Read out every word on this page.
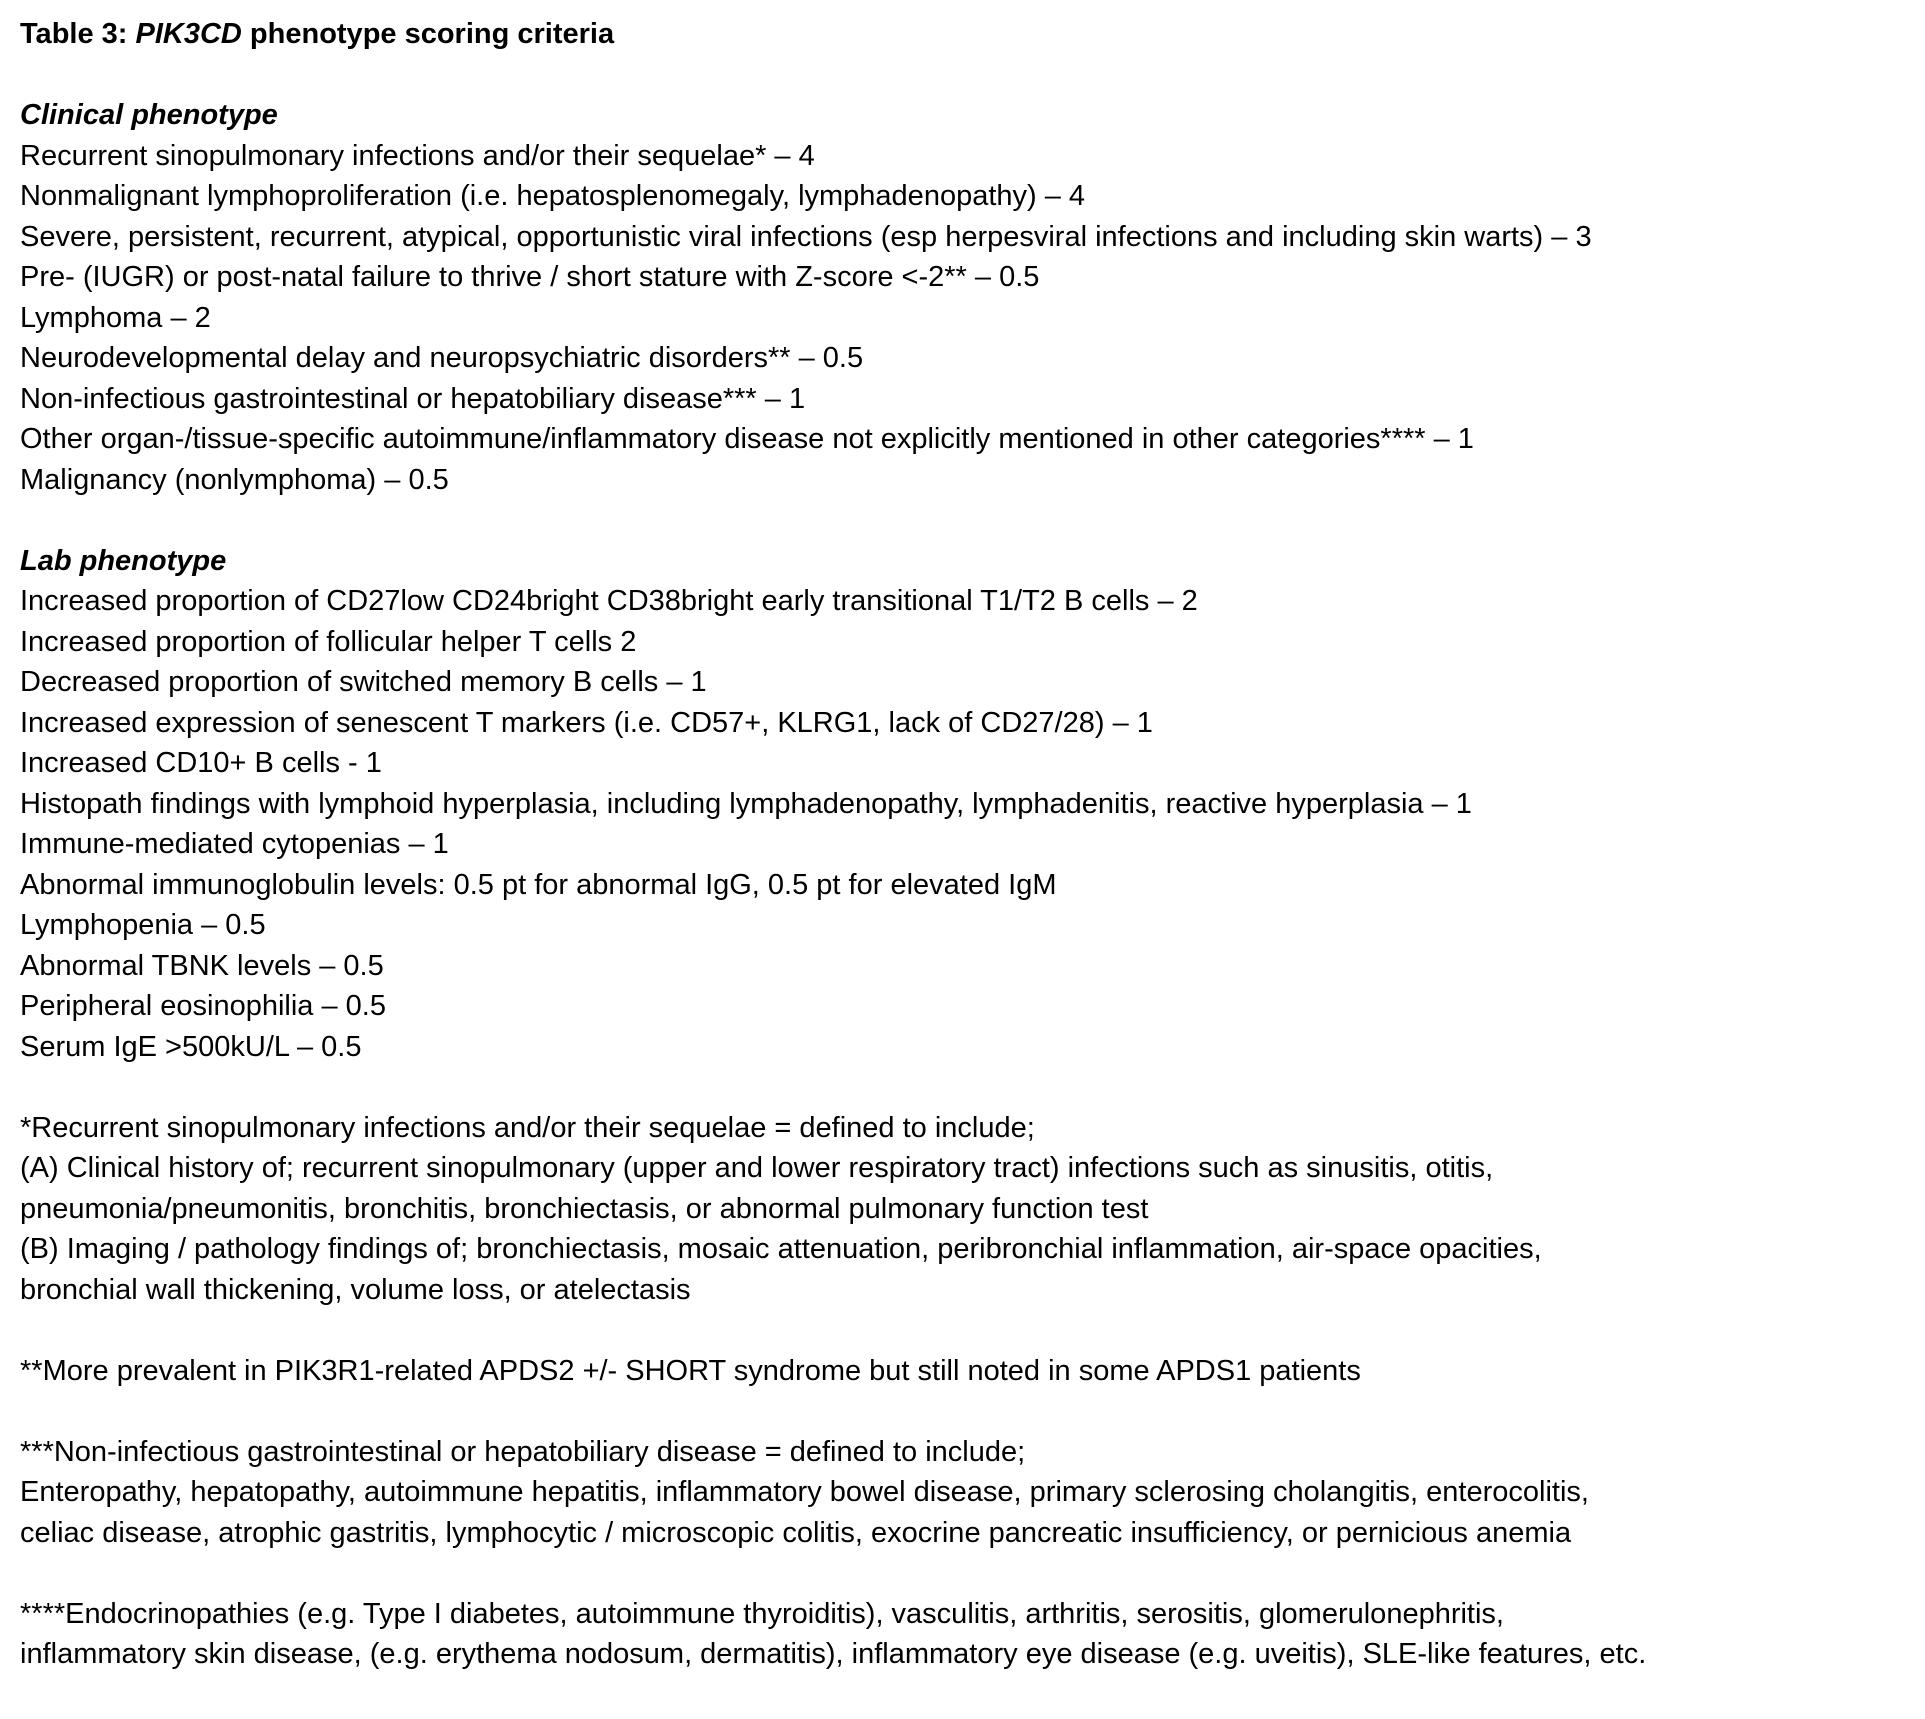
Table 3: PIK3CD phenotype scoring criteria
Clinical phenotype
Recurrent sinopulmonary infections and/or their sequelae* – 4
Nonmalignant lymphoproliferation (i.e. hepatosplenomegaly, lymphadenopathy) – 4
Severe, persistent, recurrent, atypical, opportunistic viral infections (esp herpesviral infections and including skin warts) – 3
Pre- (IUGR) or post-natal failure to thrive / short stature with Z-score <-2** – 0.5
Lymphoma – 2
Neurodevelopmental delay and neuropsychiatric disorders** – 0.5
Non-infectious gastrointestinal or hepatobiliary disease*** – 1
Other organ-/tissue-specific autoimmune/inflammatory disease not explicitly mentioned in other categories**** – 1
Malignancy (nonlymphoma) – 0.5
Lab phenotype
Increased proportion of CD27low CD24bright CD38bright early transitional T1/T2 B cells – 2
Increased proportion of follicular helper T cells 2
Decreased proportion of switched memory B cells – 1
Increased expression of senescent T markers (i.e. CD57+, KLRG1, lack of CD27/28) – 1
Increased CD10+ B cells - 1
Histopath findings with lymphoid hyperplasia, including lymphadenopathy, lymphadenitis, reactive hyperplasia – 1
Immune-mediated cytopenias – 1
Abnormal immunoglobulin levels: 0.5 pt for abnormal IgG, 0.5 pt for elevated IgM
Lymphopenia – 0.5
Abnormal TBNK levels – 0.5
Peripheral eosinophilia – 0.5
Serum IgE >500kU/L – 0.5
*Recurrent sinopulmonary infections and/or their sequelae = defined to include;
(A) Clinical history of; recurrent sinopulmonary (upper and lower respiratory tract) infections such as sinusitis, otitis,
pneumonia/pneumonitis, bronchitis, bronchiectasis, or abnormal pulmonary function test
(B) Imaging / pathology findings of; bronchiectasis, mosaic attenuation, peribronchial inflammation, air-space opacities,
bronchial wall thickening, volume loss, or atelectasis
**More prevalent in PIK3R1-related APDS2 +/- SHORT syndrome but still noted in some APDS1 patients
***Non-infectious gastrointestinal or hepatobiliary disease = defined to include;
Enteropathy, hepatopathy, autoimmune hepatitis, inflammatory bowel disease, primary sclerosing cholangitis, enterocolitis,
celiac disease, atrophic gastritis, lymphocytic / microscopic colitis, exocrine pancreatic insufficiency, or pernicious anemia
****Endocrinopathies (e.g. Type I diabetes, autoimmune thyroiditis), vasculitis, arthritis, serositis, glomerulonephritis,
inflammatory skin disease, (e.g. erythema nodosum, dermatitis), inflammatory eye disease (e.g. uveitis), SLE-like features, etc.
